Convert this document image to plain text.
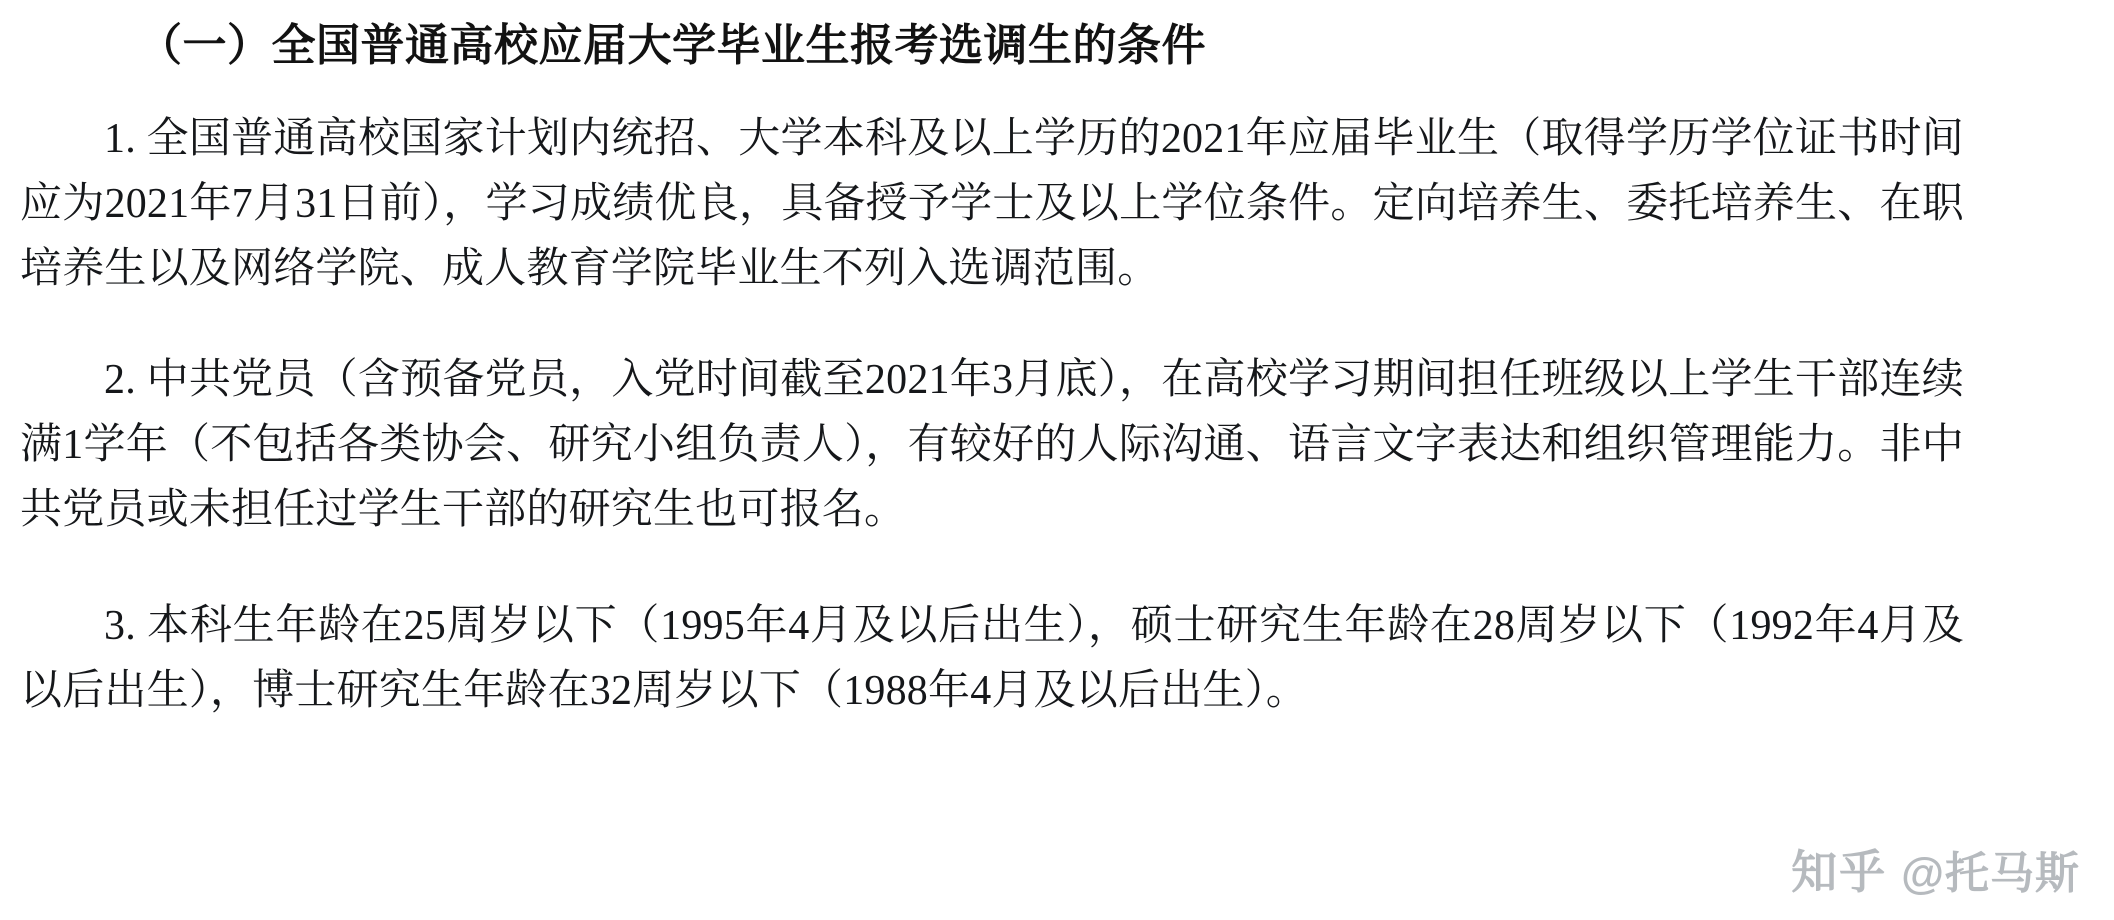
（一）全国普通高校应届大学毕业生报考选调生的条件

1. 全国普通高校国家计划内统招、大学本科及以上学历的2021年应届毕业生（取得学历学位证书时间应为2021年7月31日前），学习成绩优良，具备授予学士及以上学位条件。定向培养生、委托培养生、在职培养生以及网络学院、成人教育学院毕业生不列入选调范围。

2. 中共党员（含预备党员，入党时间截至2021年3月底），在高校学习期间担任班级以上学生干部连续满1学年（不包括各类协会、研究小组负责人），有较好的人际沟通、语言文字表达和组织管理能力。非中共党员或未担任过学生干部的研究生也可报名。

3. 本科生年龄在25周岁以下（1995年4月及以后出生），硕士研究生年龄在28周岁以下（1992年4月及以后出生），博士研究生年龄在32周岁以下（1988年4月及以后出生）。

知乎 @托马斯
